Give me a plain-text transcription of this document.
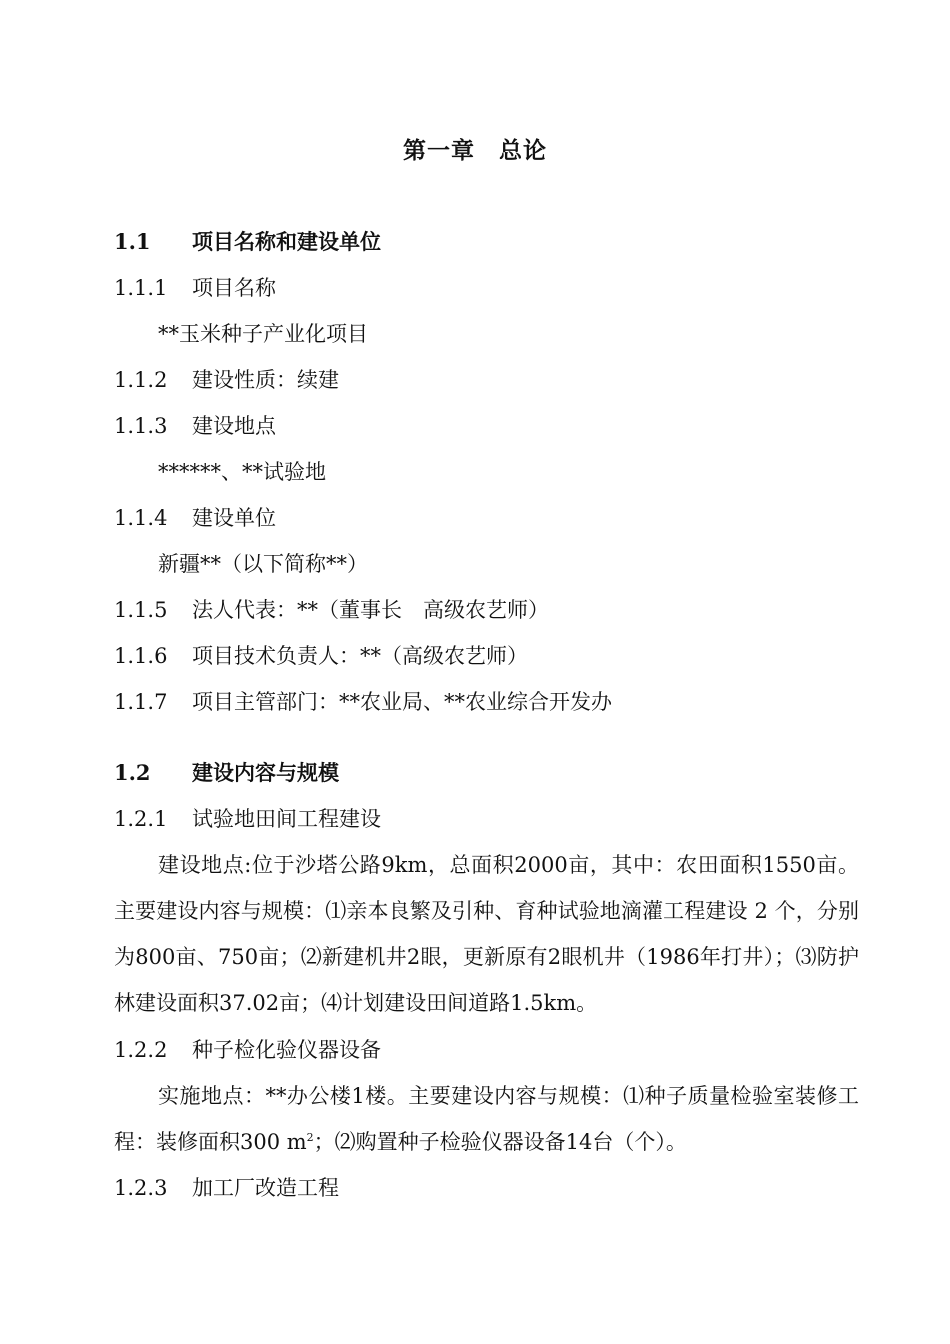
第一章　总论
1.1 项目名称和建设单位
1.1.1 项目名称
**玉米种子产业化项目
1.1.2 建设性质：续建
1.1.3 建设地点
******、**试验地
1.1.4 建设单位
新疆**（以下简称**）
1.1.5 法人代表：**（董事长　高级农艺师）
1.1.6 项目技术负责人：**（高级农艺师）
1.1.7 项目主管部门：**农业局、**农业综合开发办
1.2 建设内容与规模
1.2.1 试验地田间工程建设
建设地点:位于沙塔公路9km，总面积2000亩，其中：农田面积1550亩。主要建设内容与规模：⑴亲本良繁及引种、育种试验地滴灌工程建设 2 个，分别为800亩、750亩；⑵新建机井2眼，更新原有2眼机井（1986年打井）；⑶防护林建设面积37.02亩；⑷计划建设田间道路1.5km。
1.2.2 种子检化验仪器设备
实施地点：**办公楼1楼。主要建设内容与规模：⑴种子质量检验室装修工程：装修面积300 $m^2$；⑵购置种子检验仪器设备14台（个）。
1.2.3 加工厂改造工程
